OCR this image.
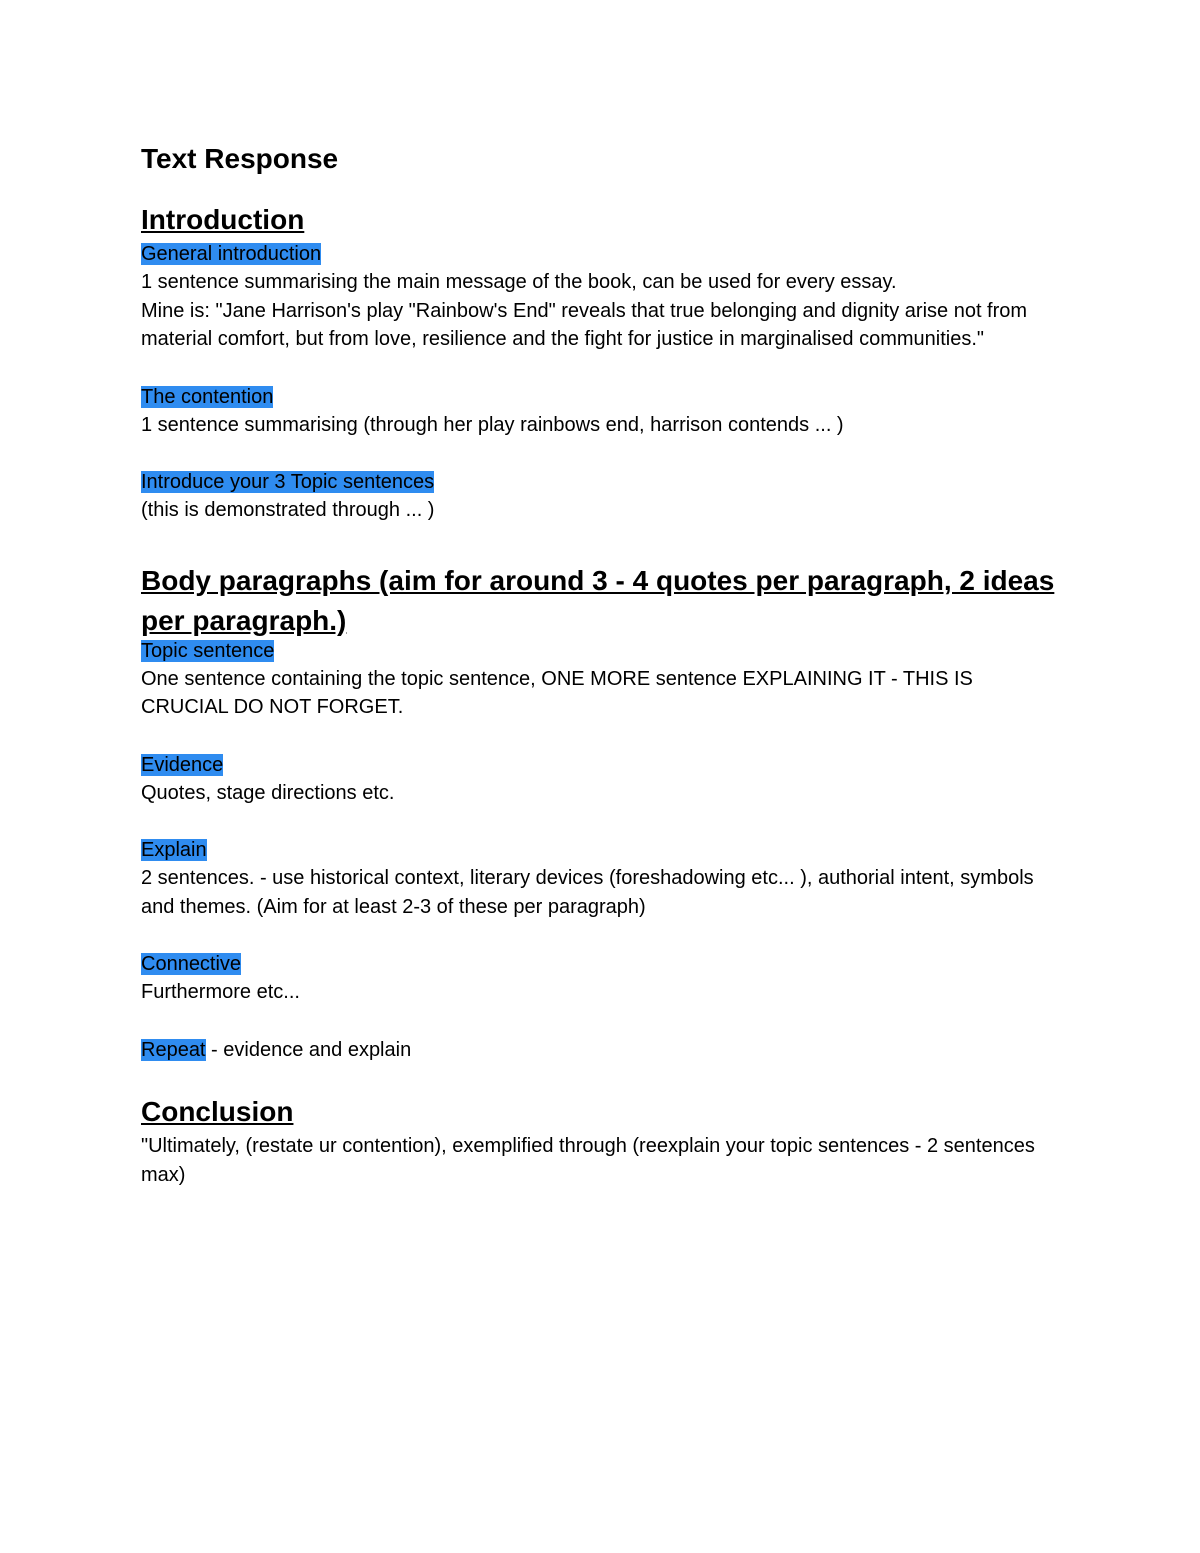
Text Response
Introduction
General introduction

1 sentence summarising the main message of the book, can be used for every essay.

Mine is: "Jane Harrison's play "Rainbow's End" reveals that true belonging and dignity arise not from material comfort, but from love, resilience and the fight for justice in marginalised communities."

The contention

1 sentence summarising (through her play rainbows end, harrison contends ... )

Introduce your 3 Topic sentences

(this is demonstrated through ... )

Body paragraphs (aim for around 3 - 4 quotes per paragraph, 2 ideas per paragraph.)
Topic sentence

One sentence containing the topic sentence, ONE MORE sentence EXPLAINING IT - THIS IS CRUCIAL DO NOT FORGET.

Evidence

Quotes, stage directions etc.

Explain

2 sentences. - use historical context, literary devices (foreshadowing etc... ), authorial intent, symbols and themes. (Aim for at least 2-3 of these per paragraph)

Connective

Furthermore etc...

Repeat - evidence and explain
Conclusion

"Ultimately, (restate ur contention), exemplified through (reexplain your topic sentences - 2 sentences max)
